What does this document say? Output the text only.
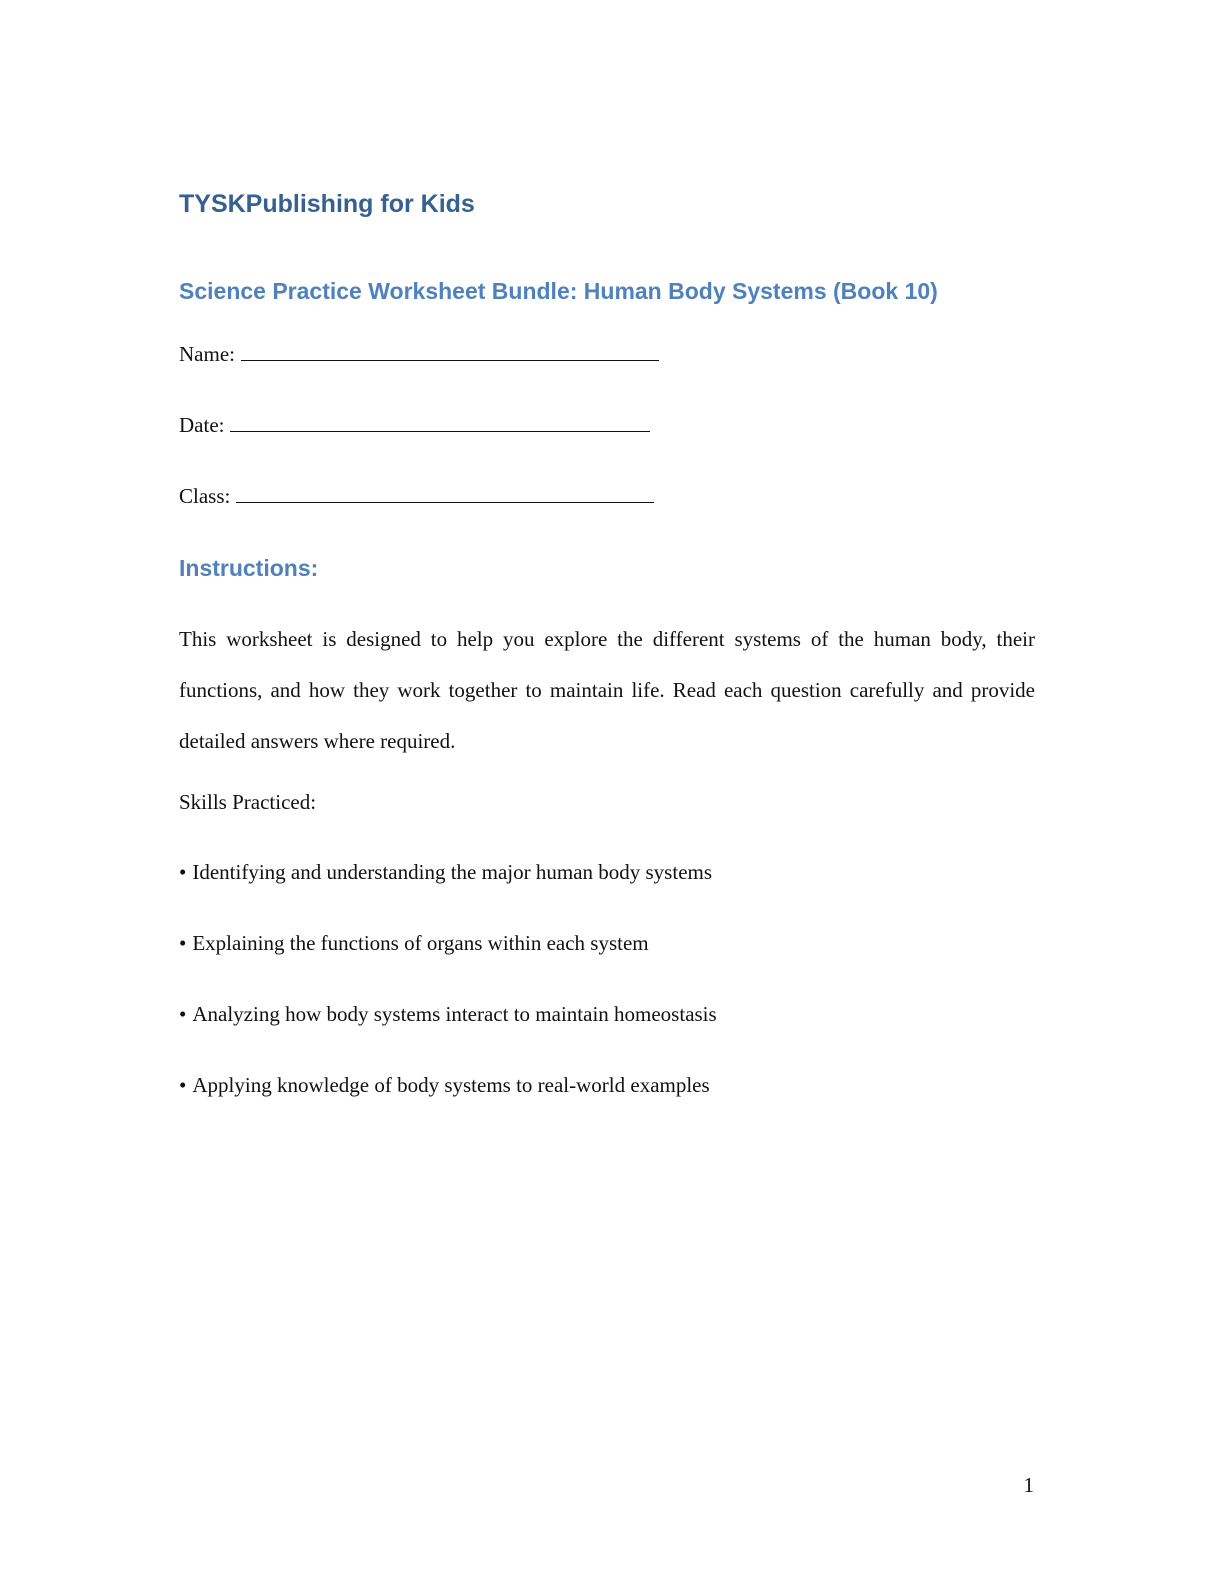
TYSKPublishing for Kids
Science Practice Worksheet Bundle: Human Body Systems (Book 10)
Name:
Date:
Class:
Instructions:
This worksheet is designed to help you explore the different systems of the human body, their functions, and how they work together to maintain life. Read each question carefully and provide detailed answers where required.
Skills Practiced:
• Identifying and understanding the major human body systems
• Explaining the functions of organs within each system
• Analyzing how body systems interact to maintain homeostasis
• Applying knowledge of body systems to real-world examples
1
